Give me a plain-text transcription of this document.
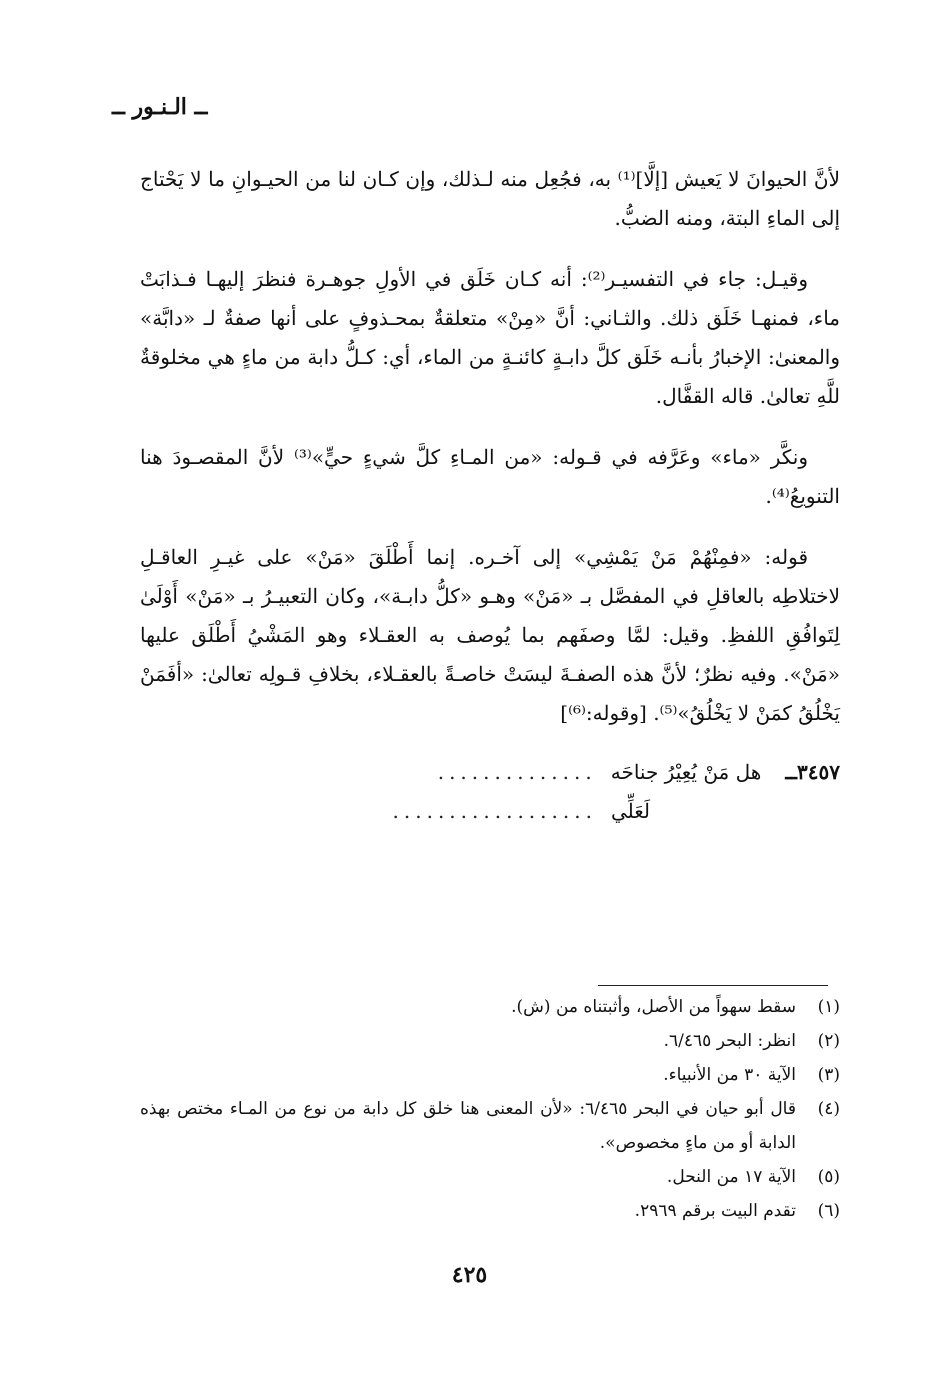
ــ الـنـور ــ

لأنَّ الحيوانَ لا يَعيش [إلَّا]⁽¹⁾ به، فجُعِل منه لـذلك، وإن كـان لنا من الحيـوانِ ما لا يَحْتاج إلى الماءِ البتة، ومنه الضبُّ.

وقيـل: جاء في التفسيـر⁽²⁾: أنه كـان خَلَق في الأولِ جوهـرة فنظرَ إليهـا فـذابَتْ ماء، فمنهـا خَلَق ذلك. والثـاني: أنَّ «مِنْ» متعلقةٌ بمحـذوفٍ على أنها صفةٌ لـ «دابَّة» والمعنىٰ: الإخبارُ بأنـه خَلَق كلَّ دابـةٍ كائنـةٍ من الماء، أي: كـلُّ دابة من ماءٍ هي مخلوقةٌ للَّهِ تعالىٰ. قاله القفَّال.

ونكَّر «ماء» وعَرَّفه في قـوله: «من المـاءِ كلَّ شيءٍ حيٍّ»⁽³⁾ لأنَّ المقصـودَ هنا التنويعُ⁽⁴⁾.

قوله: «فمِنْهُمْ مَنْ يَمْشِي» إلى آخـره. إنما أَطْلَقَ «مَنْ» على غيـرِ العاقـلِ لاختلاطِه بالعاقلِ في المفصَّل بـ «مَنْ» وهـو «كلُّ دابـة»، وكان التعبيـرُ بـ «مَنْ» أَوْلَىٰ لِتَوافُقِ اللفظِ. وقيل: لمَّا وصفَهم بما يُوصف به العقـلاء وهو المَشْيُ أَطْلَق عليها «مَنْ». وفيه نظرٌ؛ لأنَّ هذه الصفـةَ ليسَتْ خاصـةً بالعقـلاء، بخلافِ قـولِه تعالىٰ: «أفَمَنْ يَخْلُقُ كمَنْ لا يَخْلُقُ»⁽⁵⁾. [وقوله:⁽⁶⁾]

٣٤٥٧ــ
هل مَنْ يُعِيْرُ جناحَه
..............
لَعَلِّي
..................
(١)
سقط سهواً من الأصل، وأثبتناه من (ش).
(٢)
انظر: البحر ٦/٤٦٥.
(٣)
الآية ٣٠ من الأنبياء.
(٤)
قال أبو حيان في البحر ٦/٤٦٥: «لأن المعنى هنا خلق كل دابة من نوع من المـاء مختص بهذه الدابة أو من ماءٍ مخصوص».
(٥)
الآية ١٧ من النحل.
(٦)
تقدم البيت برقم ٢٩٦٩.
٤٢٥
